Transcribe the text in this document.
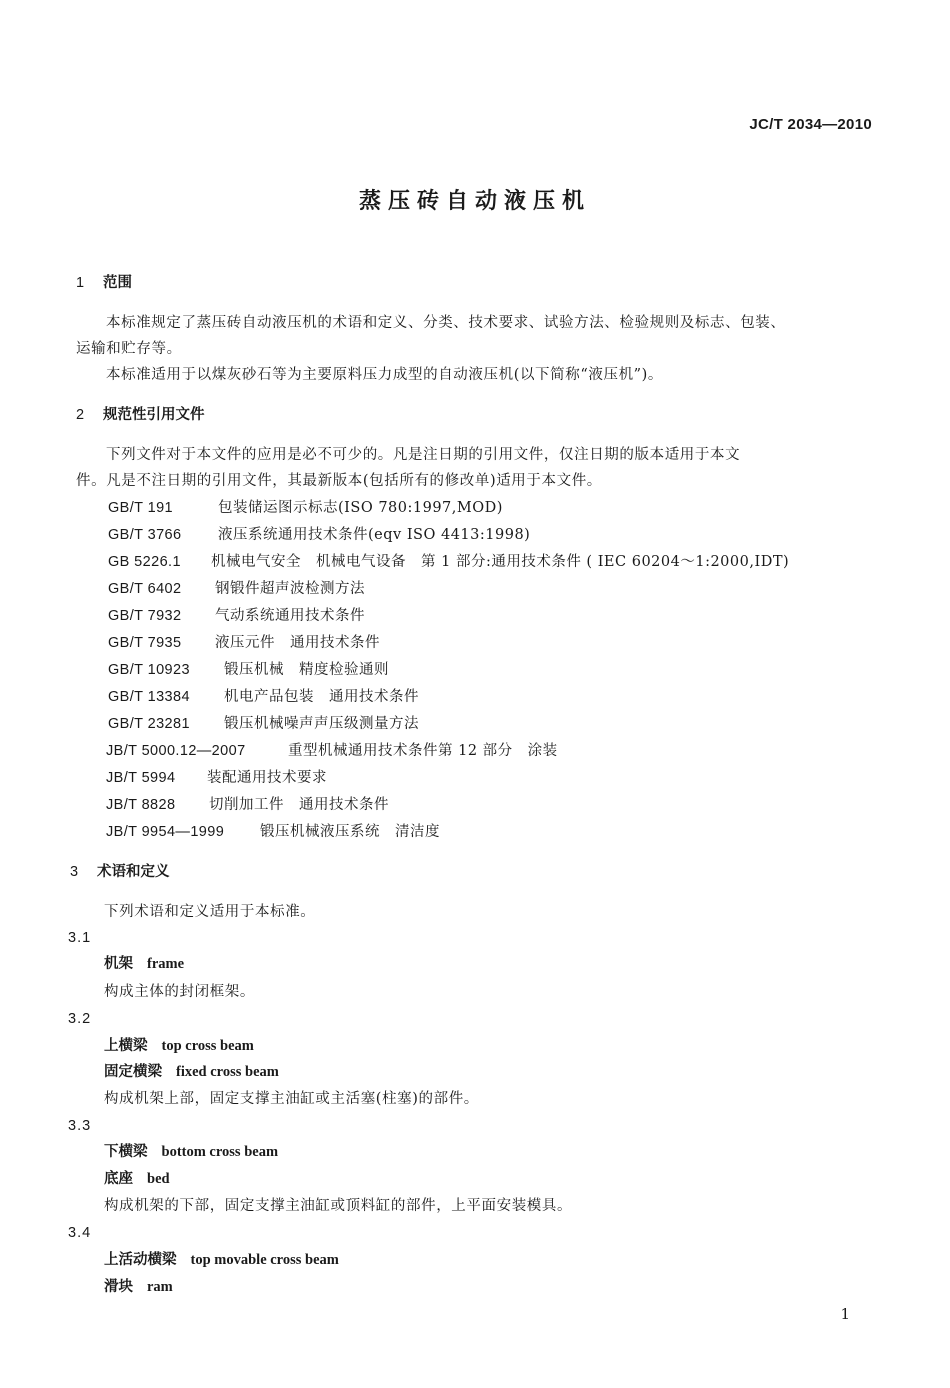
JC/T 2034—2010
蒸压砖自动液压机
1 范围
本标准规定了蒸压砖自动液压机的术语和定义、分类、技术要求、试验方法、检验规则及标志、包装、
运输和贮存等。
本标准适用于以煤灰砂石等为主要原料压力成型的自动液压机(以下简称“液压机”)。
2 规范性引用文件
下列文件对于本文件的应用是必不可少的。凡是注日期的引用文件，仅注日期的版本适用于本文
件。凡是不注日期的引用文件，其最新版本(包括所有的修改单)适用于本文件。
GB/T 191	包装储运图示标志(ISO 780:1997,MOD)
GB/T 3766	液压系统通用技术条件(eqv ISO 4413:1998)
GB 5226.1 机械电气安全　机械电气设备　第 1 部分:通用技术条件 ( IEC 60204～1:2000,IDT)
GB/T 6402 钢锻件超声波检测方法
GB/T 7932 气动系统通用技术条件
GB/T 7935 液压元件　通用技术条件
GB/T 10923 锻压机械　精度检验通则
GB/T 13384 机电产品包装　通用技术条件
GB/T 23281 锻压机械噪声声压级测量方法
JB/T 5000.12—2007	重型机械通用技术条件第 12 部分　涂装
JB/T 5994 装配通用技术要求
JB/T 8828 切削加工件　通用技术条件
JB/T 9954—1999 锻压机械液压系统　清洁度
3 术语和定义
下列术语和定义适用于本标准。
3.1
机架 frame
构成主体的封闭框架。
3.2
上横梁 top cross beam
固定横梁 fixed cross beam
构成机架上部，固定支撑主油缸或主活塞(柱塞)的部件。
3.3
下横梁 bottom cross beam
底座 bed
构成机架的下部，固定支撑主油缸或顶料缸的部件，上平面安装模具。
3.4
上活动横梁 top movable cross beam
滑块 ram
1
